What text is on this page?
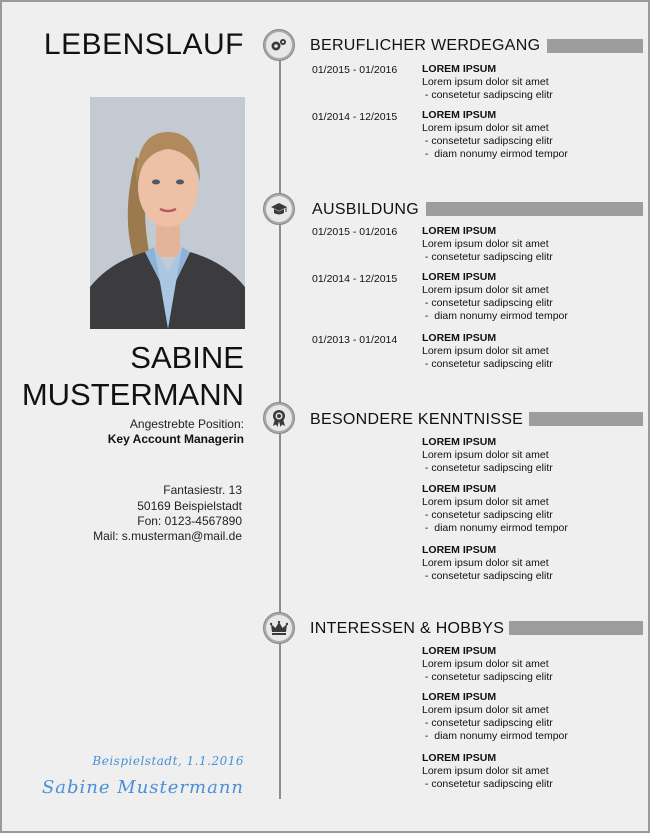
LEBENSLAUF
SABINE
MUSTERMANN
Angestrebte Position:
Key Account Managerin
Fantasiestr. 13
50169 Beispielstadt
Fon: 0123-4567890
Mail: s.musterman@mail.de
Beispielstadt, 1.1.2016
Sabine Mustermann
BERUFLICHER WERDEGANG
01/2015 - 01/2016 LOREM IPSUM
Lorem ipsum dolor sit amet
- consetetur sadipscing elitr
01/2014 - 12/2015 LOREM IPSUM
Lorem ipsum dolor sit amet
- consetetur sadipscing elitr
-  diam nonumy eirmod tempor
AUSBILDUNG
01/2015 - 01/2016 LOREM IPSUM
Lorem ipsum dolor sit amet
- consetetur sadipscing elitr
01/2014 - 12/2015 LOREM IPSUM
Lorem ipsum dolor sit amet
- consetetur sadipscing elitr
-  diam nonumy eirmod tempor
01/2013 - 01/2014 LOREM IPSUM
Lorem ipsum dolor sit amet
- consetetur sadipscing elitr
BESONDERE KENNTNISSE
LOREM IPSUM
Lorem ipsum dolor sit amet
- consetetur sadipscing elitr
LOREM IPSUM
Lorem ipsum dolor sit amet
- consetetur sadipscing elitr
-  diam nonumy eirmod tempor
LOREM IPSUM
Lorem ipsum dolor sit amet
- consetetur sadipscing elitr
INTERESSEN & HOBBYS
LOREM IPSUM
Lorem ipsum dolor sit amet
- consetetur sadipscing elitr
LOREM IPSUM
Lorem ipsum dolor sit amet
- consetetur sadipscing elitr
-  diam nonumy eirmod tempor
LOREM IPSUM
Lorem ipsum dolor sit amet
- consetetur sadipscing elitr
